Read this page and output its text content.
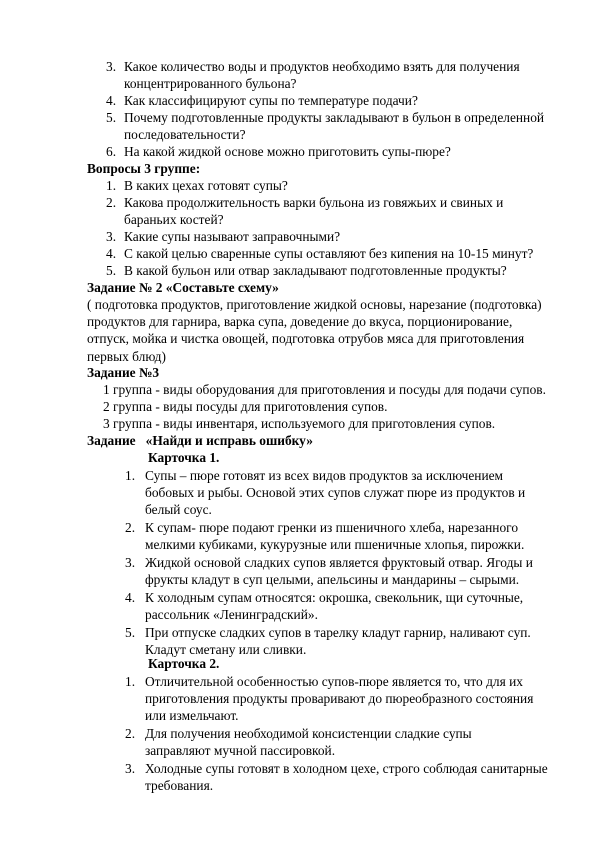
3. Какое количество воды и продуктов необходимо взять для получения концентрированного бульона?
4. Как классифицируют супы по температуре подачи?
5. Почему подготовленные продукты закладывают в бульон в определенной последовательности?
6. На какой жидкой основе можно приготовить супы-пюре?
Вопросы 3 группе:
1. В каких цехах готовят супы?
2. Какова продолжительность варки бульона из говяжьих и свиных и бараньих костей?
3. Какие супы называют заправочными?
4. С какой целью сваренные супы оставляют без кипения на 10-15 минут?
5. В какой бульон или отвар закладывают подготовленные продукты?
Задание № 2 «Составьте схему»

( подготовка продуктов, приготовление жидкой основы, нарезание (подготовка) продуктов для гарнира, варка супа, доведение до вкуса, порционирование, отпуск, мойка и чистка овощей, подготовка отрубов мяса для приготовления первых блюд)

Задание №3
1 группа - виды оборудования для приготовления и посуды для подачи супов.
2 группа - виды посуды для приготовления супов.
3 группа - виды инвентаря, используемого для приготовления супов.
Задание   «Найди и исправь ошибку»
Карточка 1.
1. Супы – пюре готовят из всех видов продуктов за исключением бобовых и рыбы. Основой этих супов служат пюре из продуктов и белый соус.
2. К супам- пюре подают гренки из пшеничного хлеба, нарезанного мелкими кубиками, кукурузные или пшеничные хлопья, пирожки.
3. Жидкой основой сладких супов является фруктовый отвар. Ягоды и фрукты кладут в суп целыми, апельсины и мандарины – сырыми.
4. К холодным супам относятся: окрошка, свекольник, щи суточные, рассольник «Ленинградский».
5. При отпуске сладких супов в тарелку кладут гарнир, наливают суп. Кладут сметану или сливки.
Карточка 2.
1. Отличительной особенностью супов-пюре является то, что для их приготовления продукты проваривают до пюреобразного состояния или измельчают.
2. Для получения необходимой консистенции сладкие супы заправляют мучной пассировкой.
3. Холодные супы готовят в холодном цехе, строго соблюдая санитарные требования.
